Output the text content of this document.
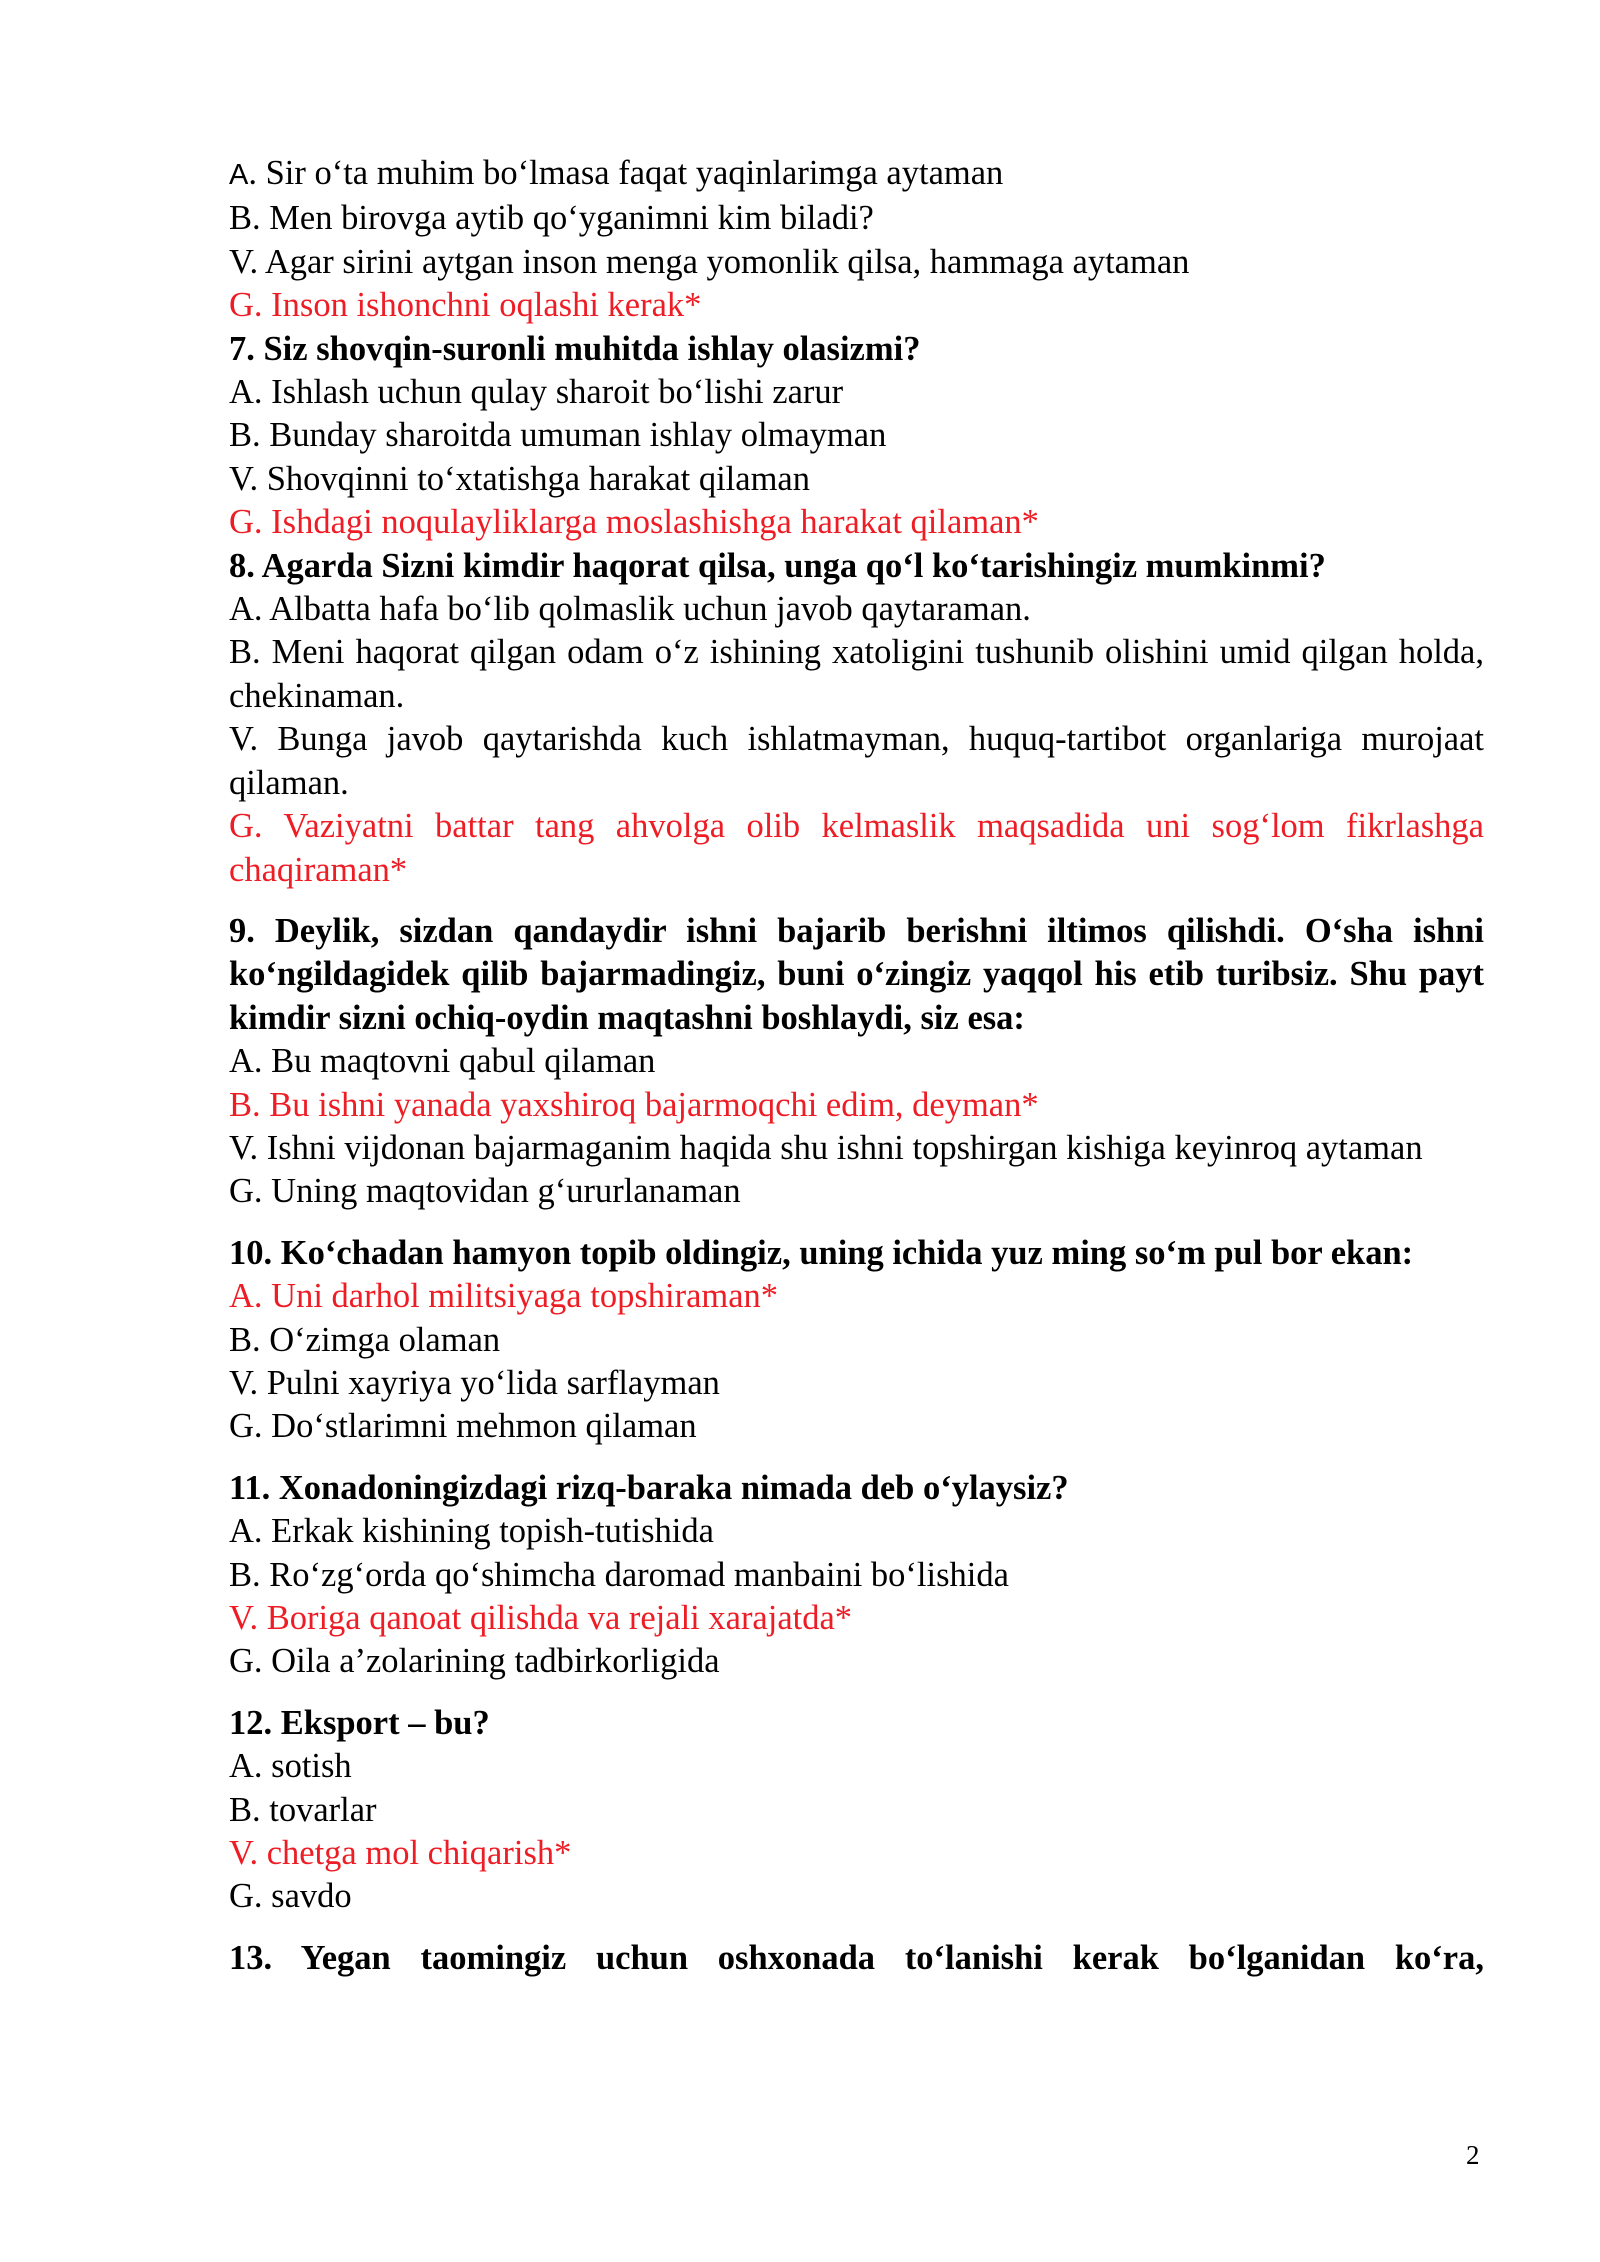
A. Sir o‘ta muhim bo‘lmasa faqat yaqinlarimga aytaman

B. Men birovga aytib qo‘yganimni kim biladi?

V. Agar sirini aytgan inson menga yomonlik qilsa, hammaga aytaman

G. Inson ishonchni oqlashi kerak*

7. Siz shovqin-suronli muhitda ishlay olasizmi?

A. Ishlash uchun qulay sharoit bo‘lishi zarur

B. Bunday sharoitda umuman ishlay olmayman

V. Shovqinni to‘xtatishga harakat qilaman

G. Ishdagi noqulayliklarga moslashishga harakat qilaman*

8. Agarda Sizni kimdir haqorat qilsa, unga qo‘l ko‘tarishingiz mumkinmi?

A. Albatta hafa bo‘lib qolmaslik uchun javob qaytaraman.

B. Meni haqorat qilgan odam o‘z ishining xatoligini tushunib olishini umid qilgan holda, chekinaman.

V. Bunga javob qaytarishda kuch ishlatmayman, huquq-tartibot organlariga murojaat qilaman.

G. Vaziyatni battar tang ahvolga olib kelmaslik maqsadida uni sog‘lom fikrlashga chaqiraman*

9. Deylik, sizdan qandaydir ishni bajarib berishni iltimos qilishdi. O‘sha ishni ko‘ngildagidek qilib bajarmadingiz, buni o‘zingiz yaqqol his etib turibsiz. Shu payt kimdir sizni ochiq-oydin maqtashni boshlaydi, siz esa:

A. Bu maqtovni qabul qilaman

B. Bu ishni yanada yaxshiroq bajarmoqchi edim, deyman*

V. Ishni vijdonan bajarmaganim haqida shu ishni topshirgan kishiga keyinroq aytaman

G. Uning maqtovidan g‘ururlanaman

10. Ko‘chadan hamyon topib oldingiz, uning ichida yuz ming so‘m pul bor ekan:

A. Uni darhol militsiyaga topshiraman*

B. O‘zimga olaman

V. Pulni xayriya yo‘lida sarflayman

G. Do‘stlarimni mehmon qilaman

11. Xonadoningizdagi rizq-baraka nimada deb o‘ylaysiz?

A. Erkak kishining topish-tutishida

B. Ro‘zg‘orda qo‘shimcha daromad manbaini bo‘lishida

V. Boriga qanoat qilishda va rejali xarajatda*

G. Oila a’zolarining tadbirkorligida

12. Eksport – bu?

A. sotish

B. tovarlar

V. chetga mol chiqarish*

G. savdo

13. Yegan taomingiz uchun oshxonada to‘lanishi kerak bo‘lganidan ko‘ra,

2
